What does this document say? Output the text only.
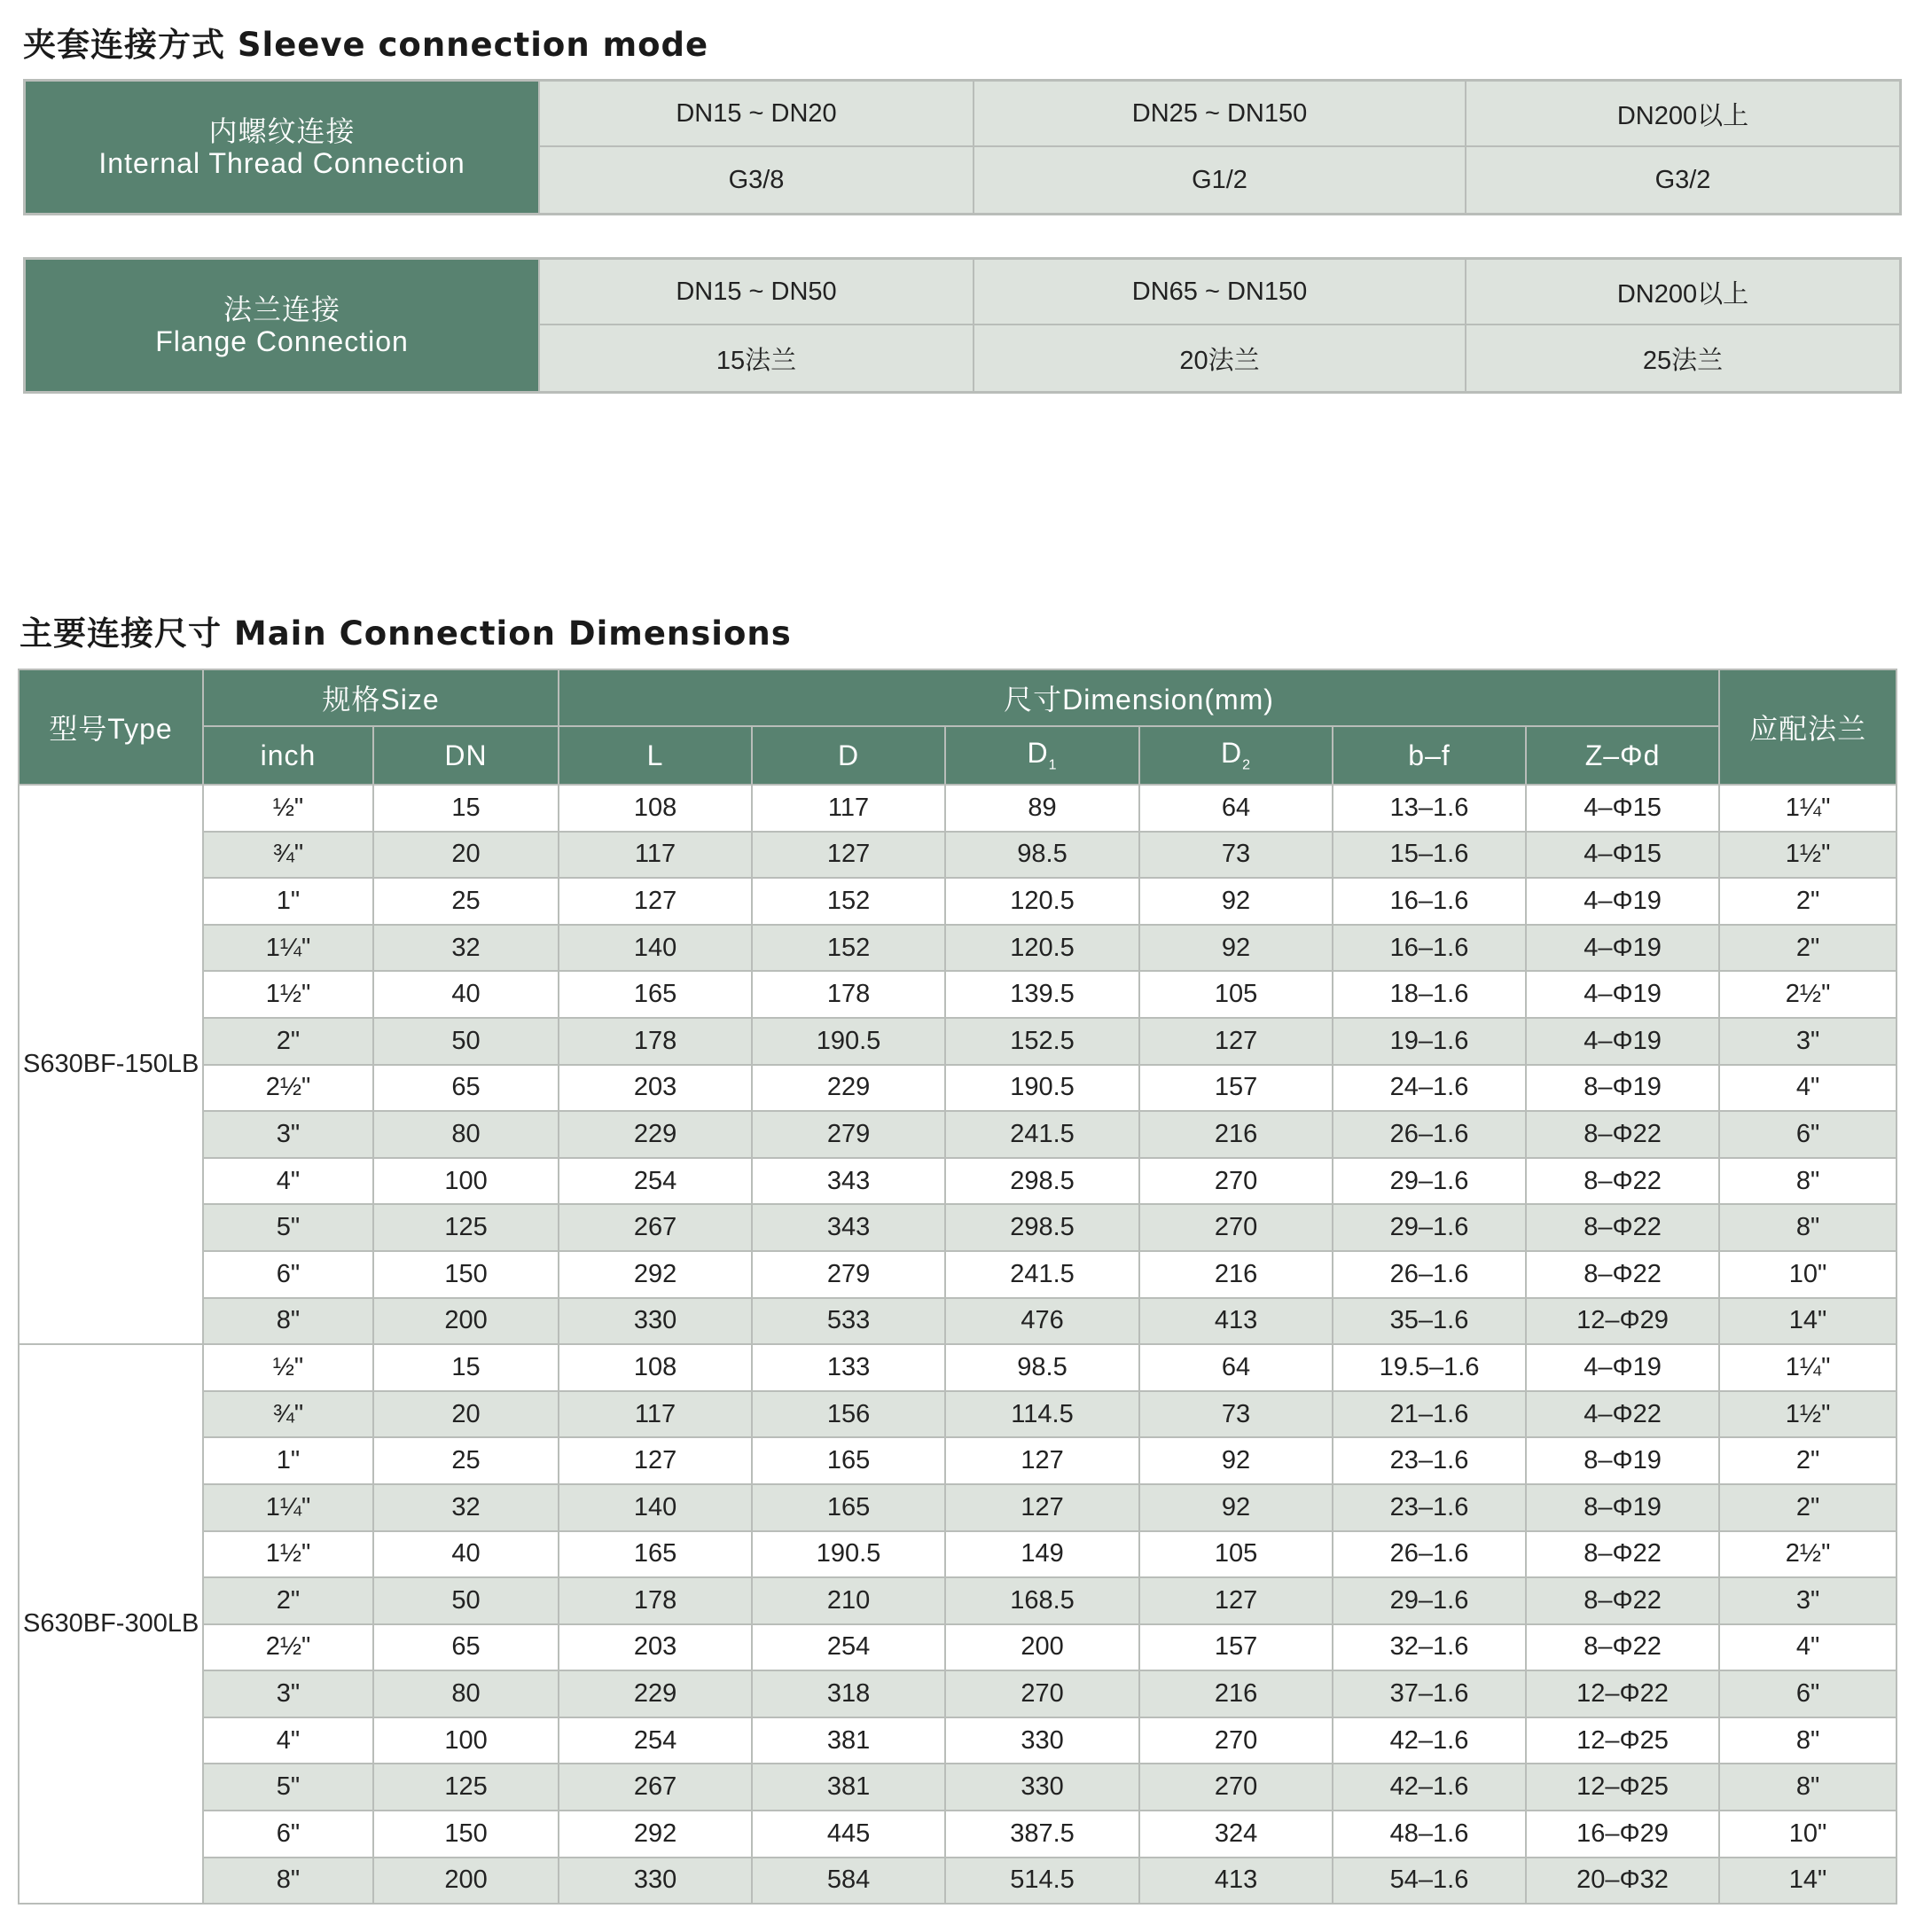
夹套连接方式 Sleeve connection mode
内螺纹连接
Internal Thread Connection
DN15 ~ DN20	DN25 ~ DN150	DN200以上
G3/8	G1/2	G3/2
法兰连接
Flange Connection
DN15 ~ DN50	DN65 ~ DN150	DN200以上
15法兰	20法兰	25法兰
主要连接尺寸 Main Connection Dimensions
型号Type	规格Size		尺寸Dimension(mm)						应配法兰
	inch	DN	L	D	$D_1$	$D_2$	b–f	Z–Φd	
S630BF-150LB	½"	15	108	117	89	64	13–1.6	4–Φ15	1¼"
	¾"	20	117	127	98.5	73	15–1.6	4–Φ15	1½"
	1"	25	127	152	120.5	92	16–1.6	4–Φ19	2"
	1¼"	32	140	152	120.5	92	16–1.6	4–Φ19	2"
	1½"	40	165	178	139.5	105	18–1.6	4–Φ19	2½"
	2"	50	178	190.5	152.5	127	19–1.6	4–Φ19	3"
	2½"	65	203	229	190.5	157	24–1.6	8–Φ19	4"
	3"	80	229	279	241.5	216	26–1.6	8–Φ22	6"
	4"	100	254	343	298.5	270	29–1.6	8–Φ22	8"
	5"	125	267	343	298.5	270	29–1.6	8–Φ22	8"
	6"	150	292	279	241.5	216	26–1.6	8–Φ22	10"
	8"	200	330	533	476	413	35–1.6	12–Φ29	14"
S630BF-300LB	½"	15	108	133	98.5	64	19.5–1.6	4–Φ19	1¼"
	¾"	20	117	156	114.5	73	21–1.6	4–Φ22	1½"
	1"	25	127	165	127	92	23–1.6	8–Φ19	2"
	1¼"	32	140	165	127	92	23–1.6	8–Φ19	2"
	1½"	40	165	190.5	149	105	26–1.6	8–Φ22	2½"
	2"	50	178	210	168.5	127	29–1.6	8–Φ22	3"
	2½"	65	203	254	200	157	32–1.6	8–Φ22	4"
	3"	80	229	318	270	216	37–1.6	12–Φ22	6"
	4"	100	254	381	330	270	42–1.6	12–Φ25	8"
	5"	125	267	381	330	270	42–1.6	12–Φ25	8"
	6"	150	292	445	387.5	324	48–1.6	16–Φ29	10"
	8"	200	330	584	514.5	413	54–1.6	20–Φ32	14"
